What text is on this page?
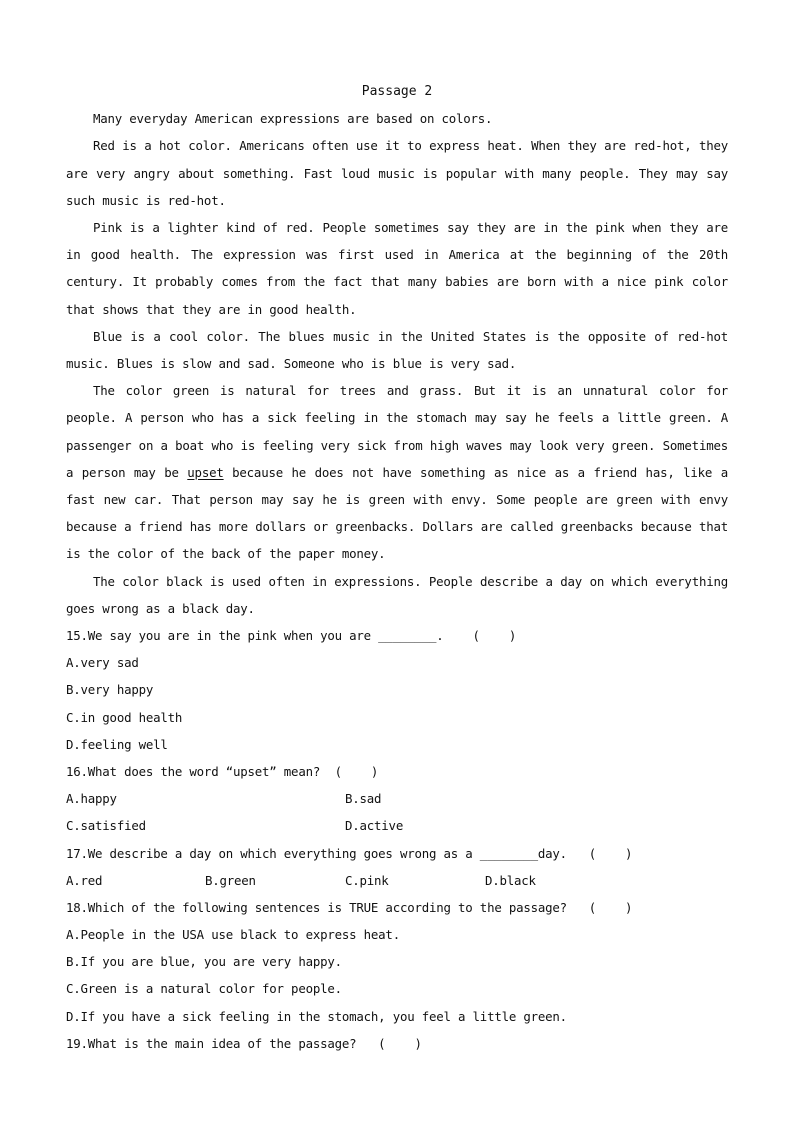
Passage 2

Many everyday American expressions are based on colors.

Red is a hot color. Americans often use it to express heat. When they are red-hot, they are very angry about something. Fast loud music is popular with many people. They may say such music is red-hot.

Pink is a lighter kind of red. People sometimes say they are in the pink when they are in good health. The expression was first used in America at the beginning of the 20th century. It probably comes from the fact that many babies are born with a nice pink color that shows that they are in good health.

Blue is a cool color. The blues music in the United States is the opposite of red-hot music. Blues is slow and sad. Someone who is blue is very sad.

The color green is natural for trees and grass. But it is an unnatural color for people. A person who has a sick feeling in the stomach may say he feels a little green. A passenger on a boat who is feeling very sick from high waves may look very green. Sometimes a person may be upset because he does not have something as nice as a friend has, like a fast new car. That person may say he is green with envy. Some people are green with envy because a friend has more dollars or greenbacks. Dollars are called greenbacks because that is the color of the back of the paper money.

The color black is used often in expressions. People describe a day on which everything goes wrong as a black day.

15.We say you are in the pink when you are ________.    (    )
A.very sad
B.very happy
C.in good health
D.feeling well
16.What does the word “upset” mean?  (    )
A.happy	B.sad
C.satisfied	D.active
17.We describe a day on which everything goes wrong as a ________day.   (    )
A.red	B.green	C.pink	D.black
18.Which of the following sentences is TRUE according to the passage?   (    )
A.People in the USA use black to express heat.
B.If you are blue, you are very happy.
C.Green is a natural color for people.
D.If you have a sick feeling in the stomach, you feel a little green.
19.What is the main idea of the passage?   (    )
